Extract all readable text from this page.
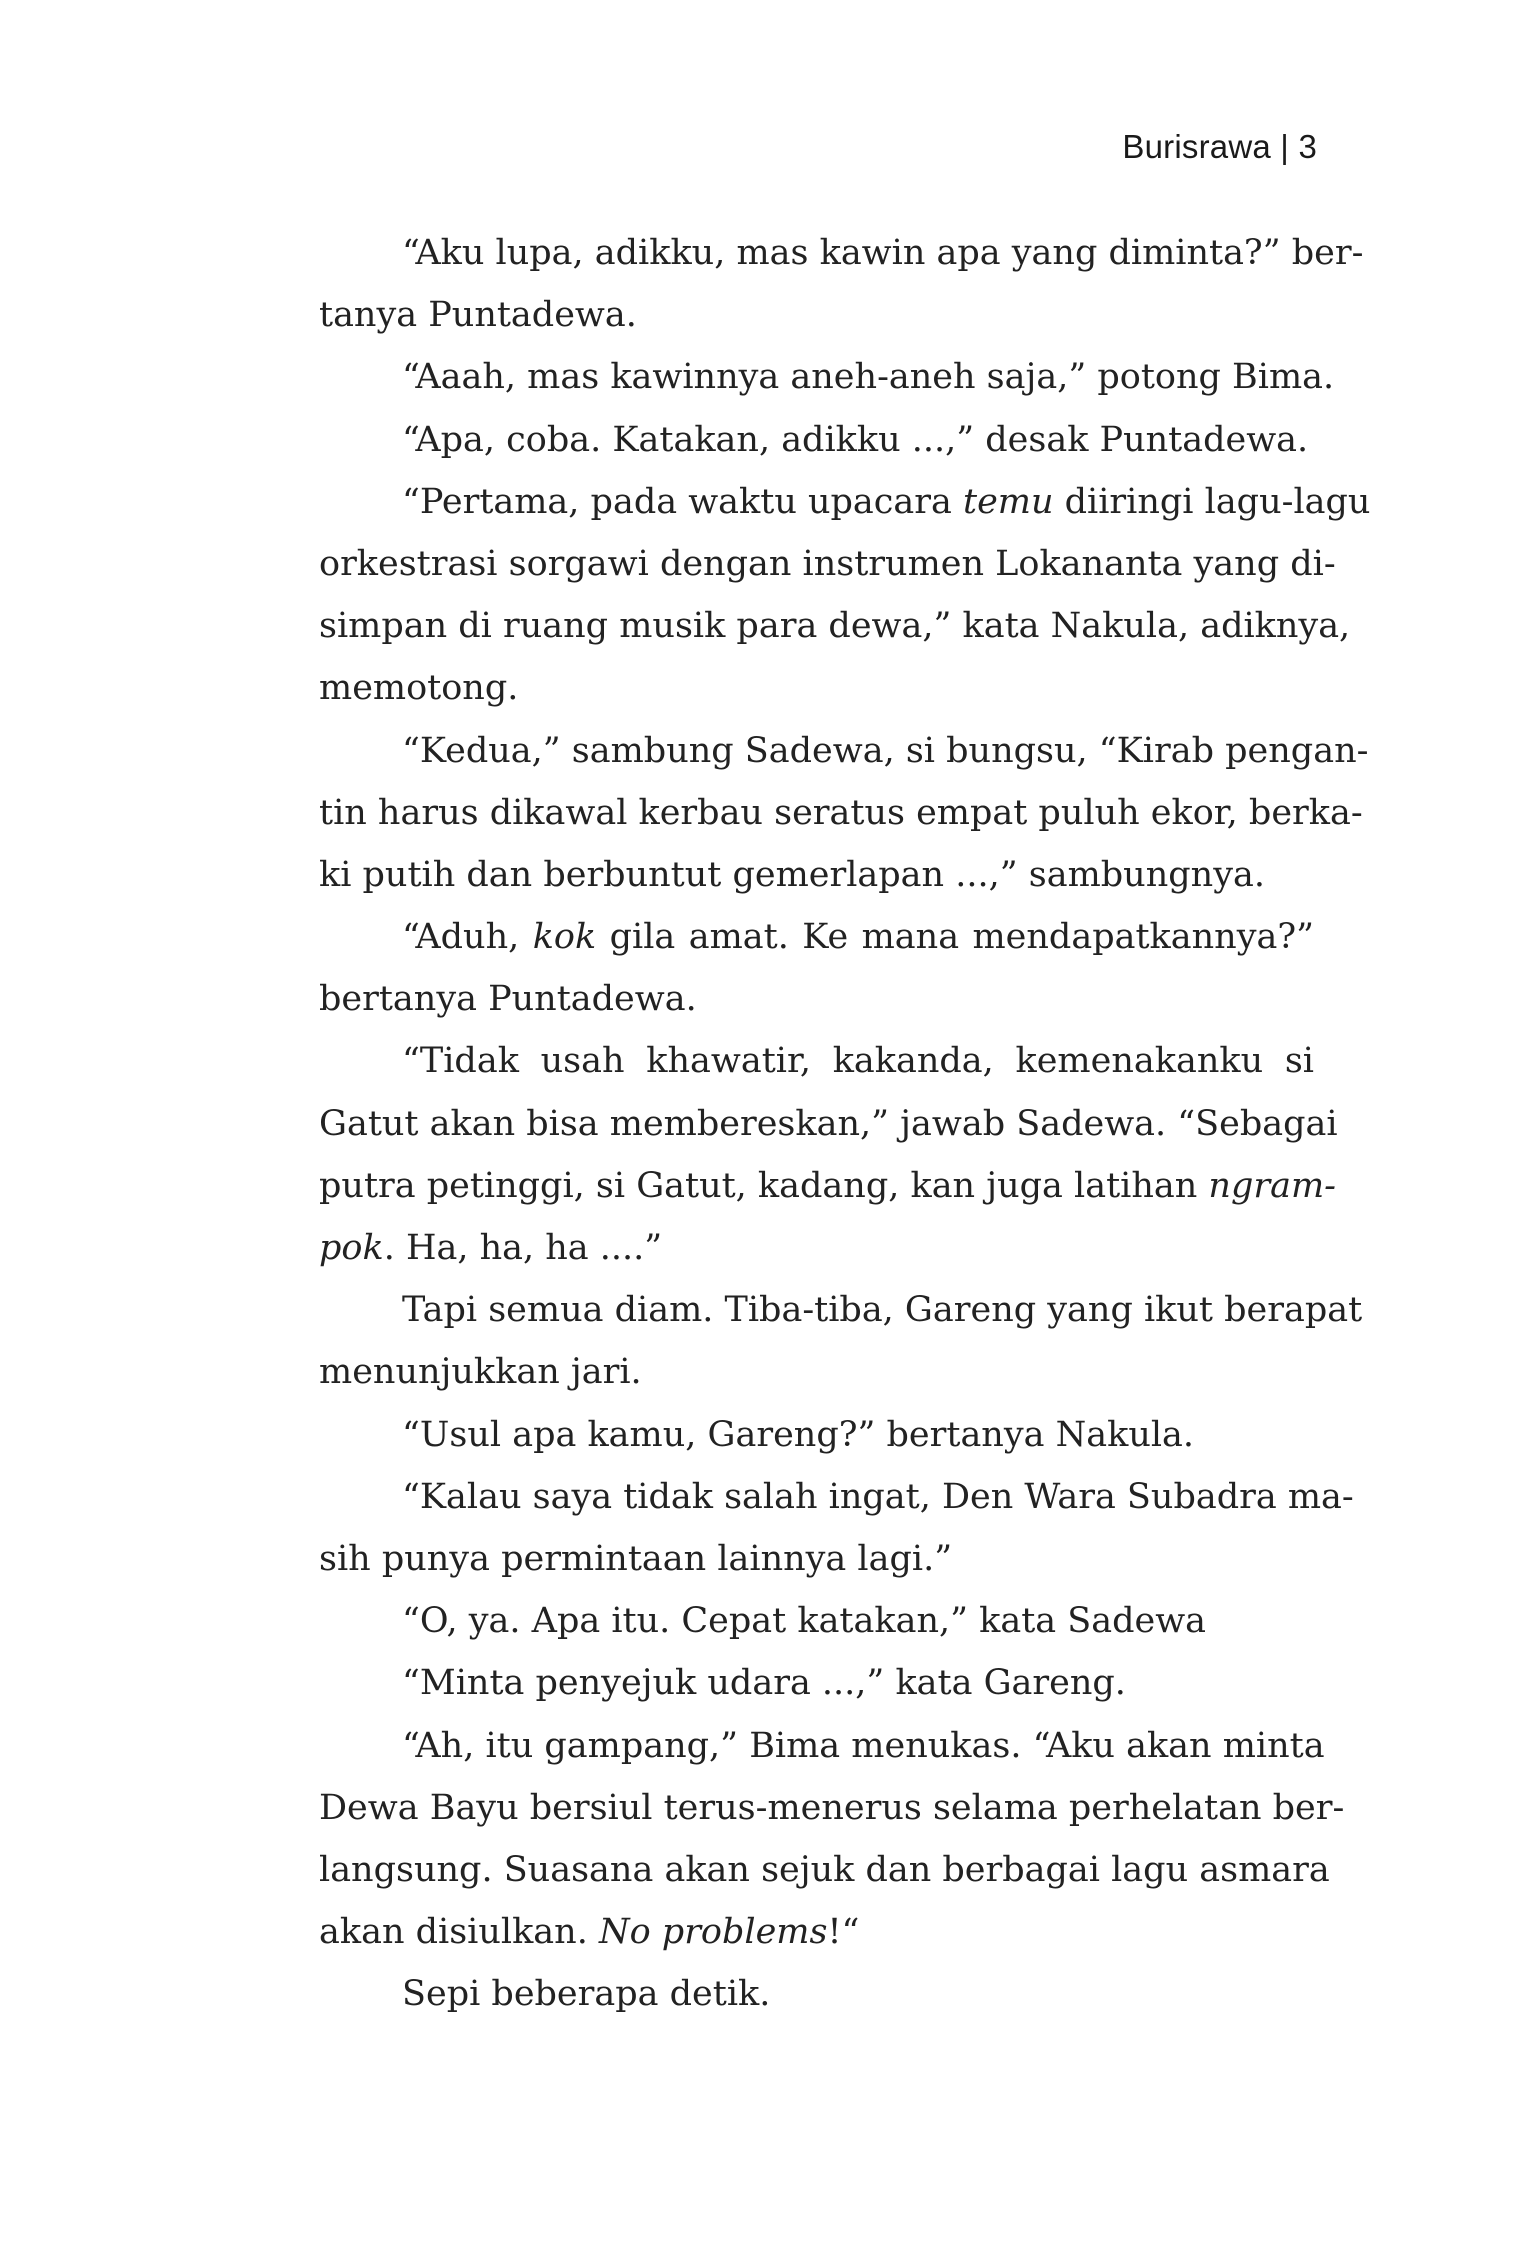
Burisrawa | 3
“Aku lupa, adikku, mas kawin apa yang diminta?” ber-
tanya Puntadewa.
“Aaah, mas kawinnya aneh-aneh saja,” potong Bima.
“Apa, coba. Katakan, adikku ...,” desak Puntadewa.
“Pertama, pada waktu upacara temu diiringi lagu-lagu
orkestrasi sorgawi dengan instrumen Lokananta yang di-
simpan di ruang musik para dewa,” kata Nakula, adiknya,
memotong.
“Kedua,” sambung Sadewa, si bungsu, “Kirab pengan-
tin harus dikawal kerbau seratus empat puluh ekor, berka-
ki putih dan berbuntut gemerlapan ...,” sambungnya.
“Aduh, kok gila amat. Ke mana mendapatkannya?”
bertanya Puntadewa.
“Tidak usah khawatir, kakanda, kemenakanku si
Gatut akan bisa membereskan,” jawab Sadewa. “Sebagai
putra petinggi, si Gatut, kadang, kan juga latihan ngram-
pok. Ha, ha, ha ....”
Tapi semua diam. Tiba-tiba, Gareng yang ikut berapat
menunjukkan jari.
“Usul apa kamu, Gareng?” bertanya Nakula.
“Kalau saya tidak salah ingat, Den Wara Subadra ma-
sih punya permintaan lainnya lagi.”
“O, ya. Apa itu. Cepat katakan,” kata Sadewa
“Minta penyejuk udara ...,” kata Gareng.
“Ah, itu gampang,” Bima menukas. “Aku akan minta
Dewa Bayu bersiul terus-menerus selama perhelatan ber-
langsung. Suasana akan sejuk dan berbagai lagu asmara
akan disiulkan. No problems!“
Sepi beberapa detik.
